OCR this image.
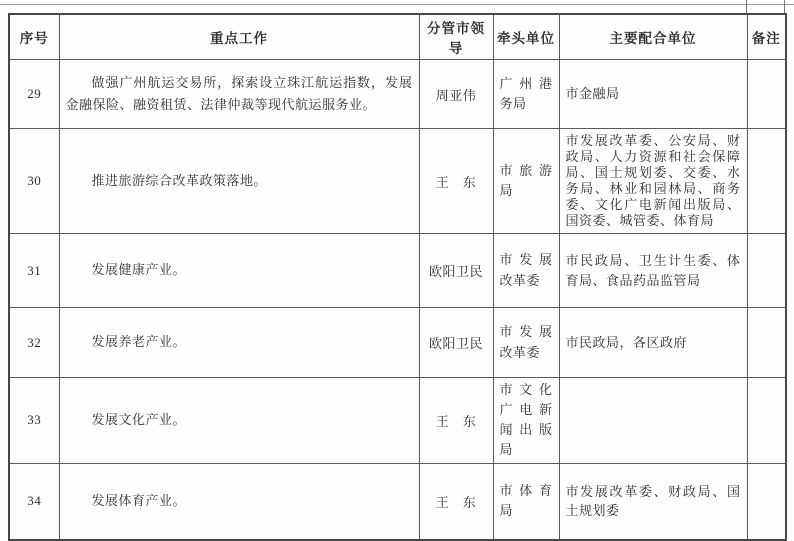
序号	重点工作	分管市领导	牵头单位	主要配合单位	备注
29	做强广州航运交易所，探索设立珠江航运指数，发展金融保险、融资租赁、法律仲裁等现代航运服务业。	周亚伟	广州港务局	市金融局	
30	推进旅游综合改革政策落地。	王　东	市旅游局	市发展改革委、公安局、财政局、人力资源和社会保障局、国土规划委、交委、水务局、林业和园林局、商务委、文化广电新闻出版局、国资委、城管委、体育局	
31	发展健康产业。	欧阳卫民	市发展改革委	市民政局、卫生计生委、体育局、食品药品监管局	
32	发展养老产业。	欧阳卫民	市发展改革委	市民政局，各区政府	
33	发展文化产业。	王　东	市文化广电新闻出版局		
34	发展体育产业。	王　东	市体育局	市发展改革委、财政局、国土规划委	
